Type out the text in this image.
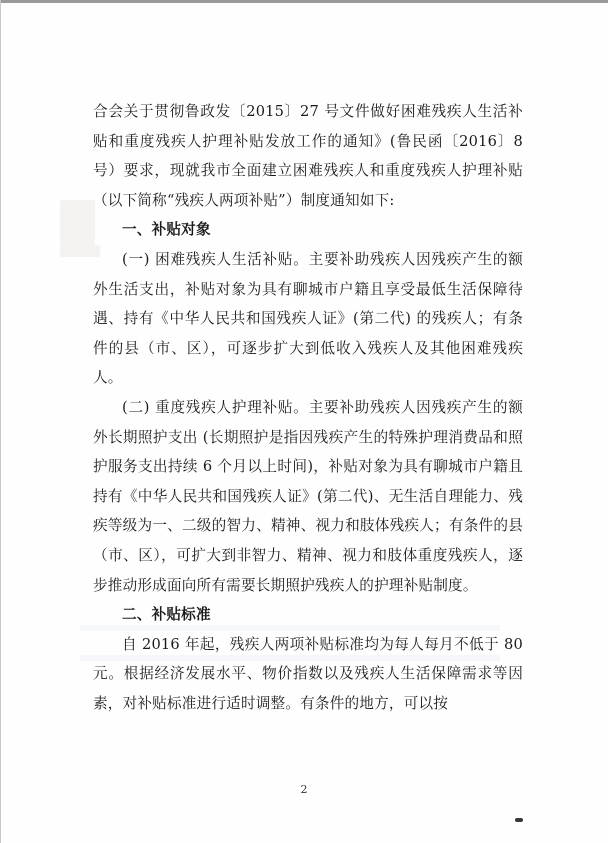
合会关于贯彻鲁政发〔2015〕27 号文件做好困难残疾人生活补贴和重度残疾人护理补贴发放工作的通知》(鲁民函〔2016〕8号）要求，现就我市全面建立困难残疾人和重度残疾人护理补贴（以下简称“残疾人两项补贴”）制度通知如下:

一、补贴对象

(一) 困难残疾人生活补贴。主要补助残疾人因残疾产生的额外生活支出，补贴对象为具有聊城市户籍且享受最低生活保障待遇、持有《中华人民共和国残疾人证》(第二代) 的残疾人；有条件的县（市、区），可逐步扩大到低收入残疾人及其他困难残疾人。

(二) 重度残疾人护理补贴。主要补助残疾人因残疾产生的额外长期照护支出 (长期照护是指因残疾产生的特殊护理消费品和照护服务支出持续 6 个月以上时间)，补贴对象为具有聊城市户籍且持有《中华人民共和国残疾人证》(第二代)、无生活自理能力、残疾等级为一、二级的智力、精神、视力和肢体残疾人；有条件的县（市、区），可扩大到非智力、精神、视力和肢体重度残疾人，逐步推动形成面向所有需要长期照护残疾人的护理补贴制度。

二、补贴标准

自 2016 年起，残疾人两项补贴标准均为每人每月不低于 80 元。根据经济发展水平、物价指数以及残疾人生活保障需求等因素，对补贴标准进行适时调整。有条件的地方，可以按

2
